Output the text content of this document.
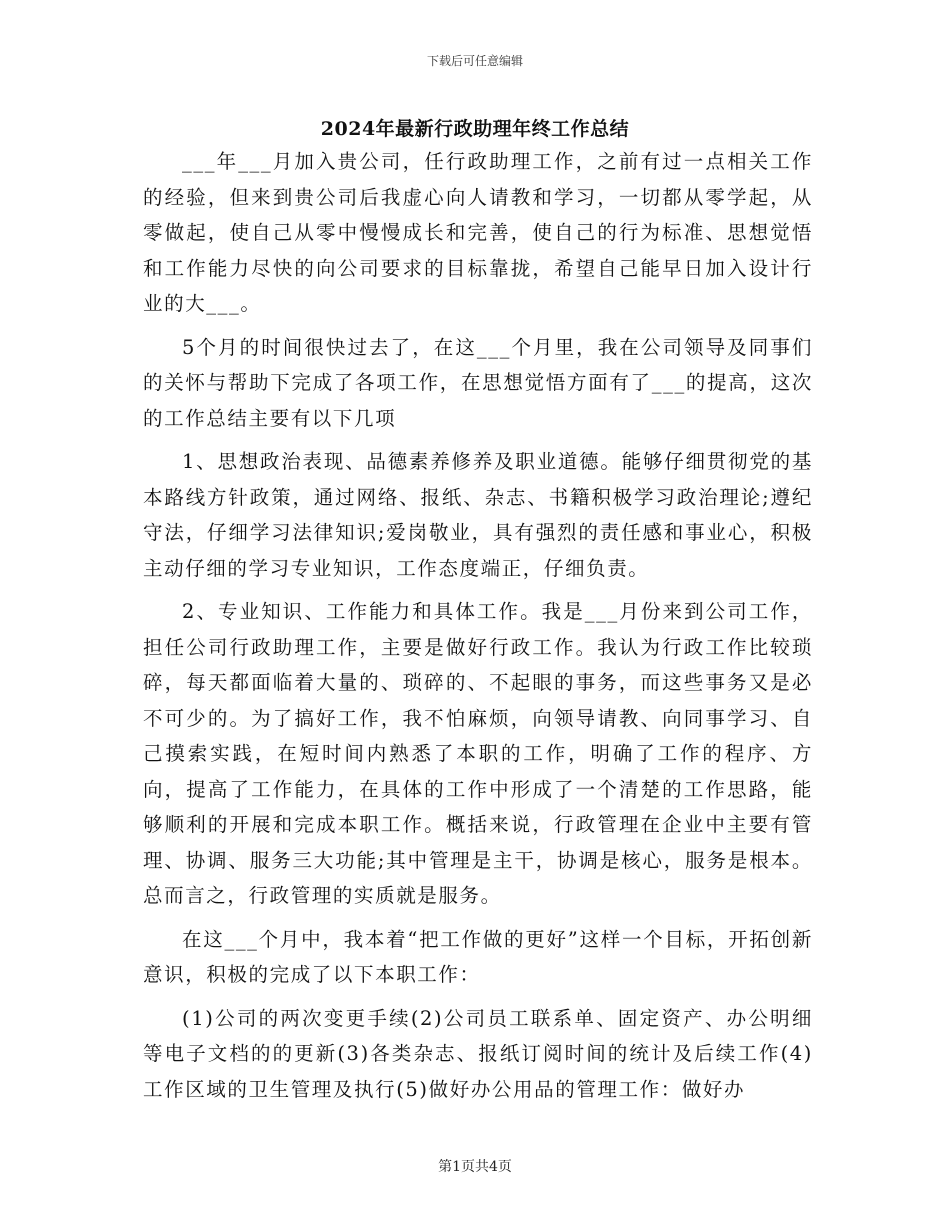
下载后可任意编辑
2024年最新行政助理年终工作总结

___年___月加入贵公司，任行政助理工作，之前有过一点相关工作的经验，但来到贵公司后我虚心向人请教和学习，一切都从零学起，从零做起，使自己从零中慢慢成长和完善，使自己的行为标准、思想觉悟和工作能力尽快的向公司要求的目标靠拢，希望自己能早日加入设计行业的大___。

5个月的时间很快过去了，在这___个月里，我在公司领导及同事们的关怀与帮助下完成了各项工作，在思想觉悟方面有了___的提高，这次的工作总结主要有以下几项

1、思想政治表现、品德素养修养及职业道德。能够仔细贯彻党的基本路线方针政策，通过网络、报纸、杂志、书籍积极学习政治理论;遵纪守法，仔细学习法律知识;爱岗敬业，具有强烈的责任感和事业心，积极主动仔细的学习专业知识，工作态度端正，仔细负责。

2、专业知识、工作能力和具体工作。我是___月份来到公司工作，担任公司行政助理工作，主要是做好行政工作。我认为行政工作比较琐碎，每天都面临着大量的、琐碎的、不起眼的事务，而这些事务又是必不可少的。为了搞好工作，我不怕麻烦，向领导请教、向同事学习、自己摸索实践，在短时间内熟悉了本职的工作，明确了工作的程序、方向，提高了工作能力，在具体的工作中形成了一个清楚的工作思路，能够顺利的开展和完成本职工作。概括来说，行政管理在企业中主要有管理、协调、服务三大功能;其中管理是主干，协调是核心，服务是根本。总而言之，行政管理的实质就是服务。

在这___个月中，我本着“把工作做的更好”这样一个目标，开拓创新意识，积极的完成了以下本职工作：

(1)公司的两次变更手续(2)公司员工联系单、固定资产、办公明细等电子文档的的更新(3)各类杂志、报纸订阅时间的统计及后续工作(4)工作区域的卫生管理及执行(5)做好办公用品的管理工作：做好办

第1页共4页
